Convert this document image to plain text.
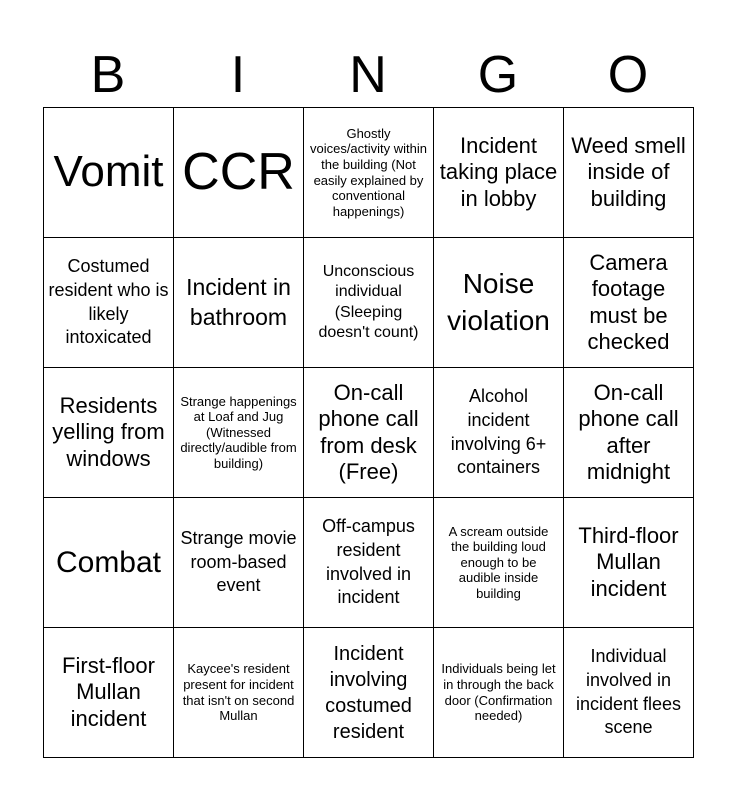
B	I	N	G	O
Vomit	CCR	Ghostly voices/activity within the building (Not easily explained by conventional happenings)	Incident taking place in lobby	Weed smell inside of building
Costumed resident who is likely intoxicated	Incident in bathroom	Unconscious individual (Sleeping doesn't count)	Noise violation	Camera footage must be checked
Residents yelling from windows	Strange happenings at Loaf and Jug (Witnessed directly/audible from building)	On-call phone call from desk (Free)	Alcohol incident involving 6+ containers	On-call phone call after midnight
Combat	Strange movie room-based event	Off-campus resident involved in incident	A scream outside the building loud enough to be audible inside building	Third-floor Mullan incident
First-floor Mullan incident	Kaycee's resident present for incident that isn't on second Mullan	Incident involving costumed resident	Individuals being let in through the back door (Confirmation needed)	Individual involved in incident flees scene
